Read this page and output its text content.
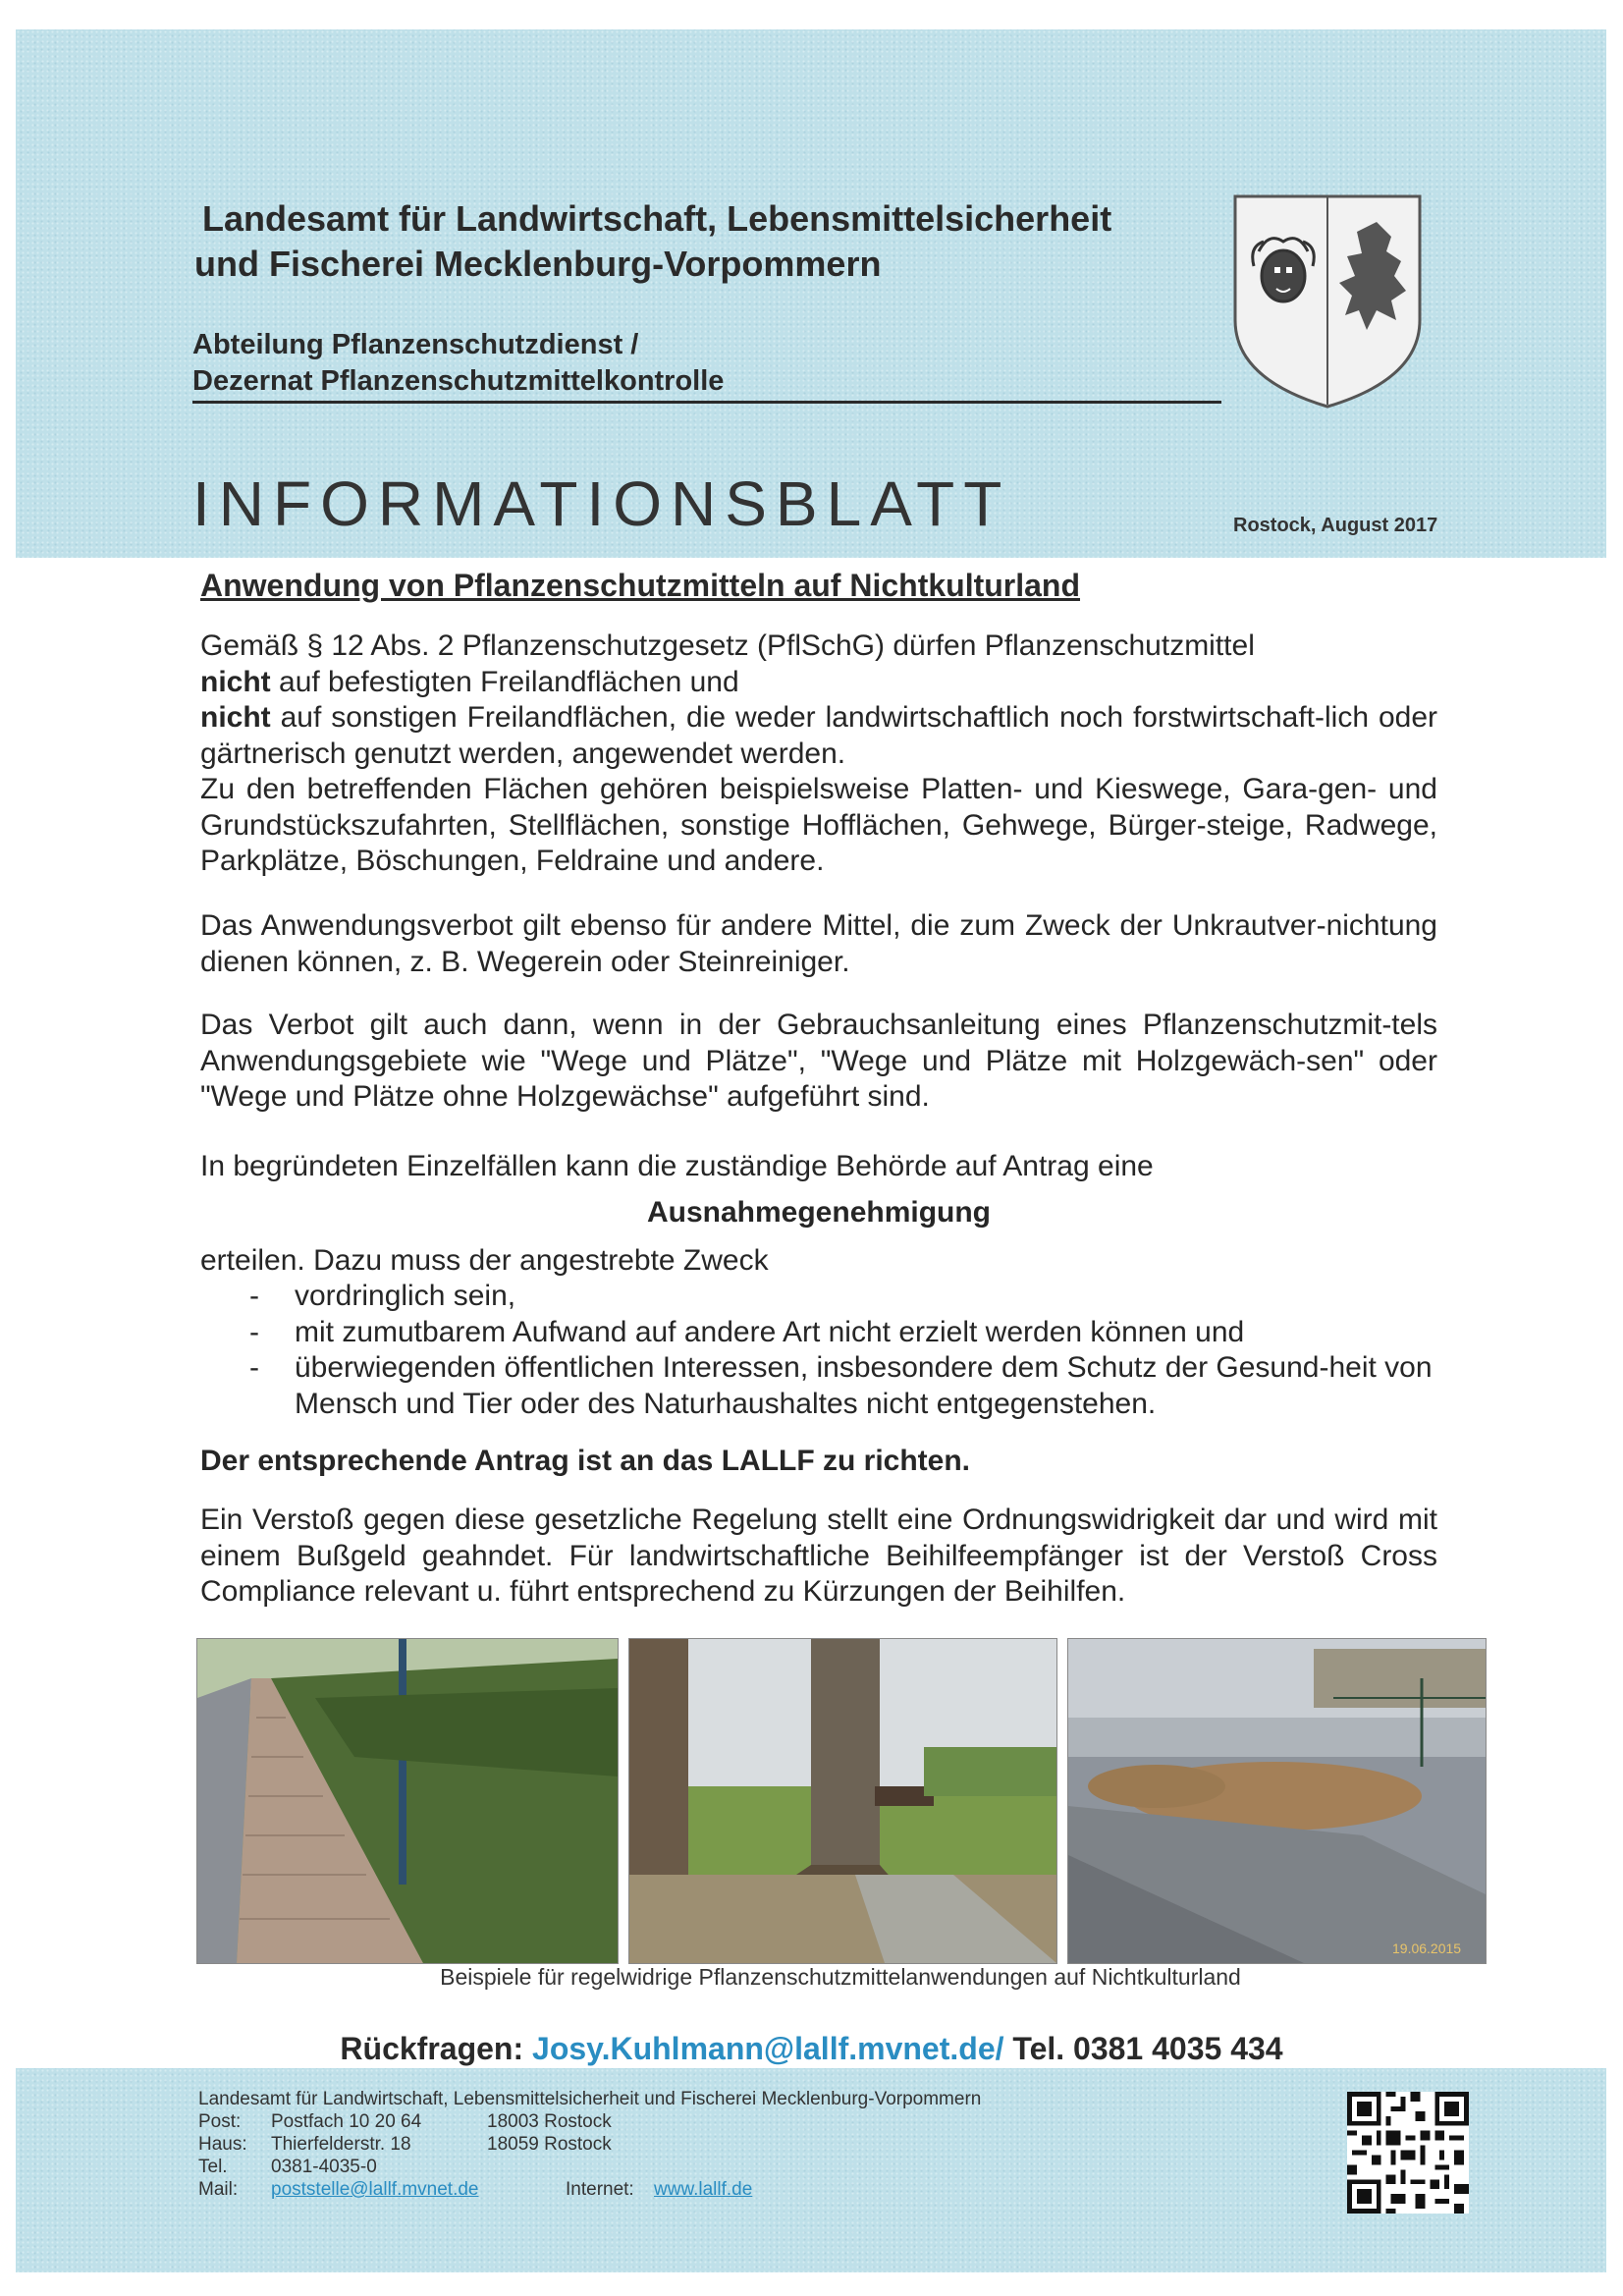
Landesamt für Landwirtschaft, Lebensmittelsicherheit
und Fischerei Mecklenburg-Vorpommern
Abteilung Pflanzenschutzdienst /
Dezernat Pflanzenschutzmittelkontrolle
INFORMATIONSBLATT	Rostock, August 2017
Anwendung von Pflanzenschutzmitteln auf Nichtkulturland

Gemäß § 12 Abs. 2 Pflanzenschutzgesetz (PflSchG) dürfen Pflanzenschutzmittel
nicht auf befestigten Freilandflächen und
nicht auf sonstigen Freilandflächen, die weder landwirtschaftlich noch forstwirtschaft-lich oder gärtnerisch genutzt werden, angewendet werden.
Zu den betreffenden Flächen gehören beispielsweise Platten- und Kieswege, Gara-gen- und Grundstückszufahrten, Stellflächen, sonstige Hofflächen, Gehwege, Bürger-steige, Radwege, Parkplätze, Böschungen, Feldraine und andere.

Das Anwendungsverbot gilt ebenso für andere Mittel, die zum Zweck der Unkrautver-nichtung dienen können, z. B. Wegerein oder Steinreiniger.

Das Verbot gilt auch dann, wenn in der Gebrauchsanleitung eines Pflanzenschutzmit-tels Anwendungsgebiete wie "Wege und Plätze", "Wege und Plätze mit Holzgewäch-sen" oder "Wege und Plätze ohne Holzgewächse" aufgeführt sind.

In begründeten Einzelfällen kann die zuständige Behörde auf Antrag eine

Ausnahmegenehmigung

erteilen. Dazu muss der angestrebte Zweck

- vordringlich sein,
- mit zumutbarem Aufwand auf andere Art nicht erzielt werden können und
- überwiegenden öffentlichen Interessen, insbesondere dem Schutz der Gesund-heit von Mensch und Tier oder des Naturhaushaltes nicht entgegenstehen.

Der entsprechende Antrag ist an das LALLF zu richten.

Ein Verstoß gegen diese gesetzliche Regelung stellt eine Ordnungswidrigkeit dar und wird mit einem Bußgeld geahndet. Für landwirtschaftliche Beihilfeempfänger ist der Verstoß Cross Compliance relevant u. führt entsprechend zu Kürzungen der Beihilfen.

19.06.2015
Beispiele für regelwidrige Pflanzenschutzmittelanwendungen auf Nichtkulturland
Rückfragen: Josy.Kuhlmann@lallf.mvnet.de/ Tel. 0381 4035 434
Landesamt für Landwirtschaft, Lebensmittelsicherheit und Fischerei Mecklenburg-Vorpommern
Post: Postfach 10 20 64	18003 Rostock
Haus: Thierfelderstr. 18	18059 Rostock
Tel. 0381-4035-0
Mail: poststelle@lallf.mvnet.de	Internet: www.lallf.de
